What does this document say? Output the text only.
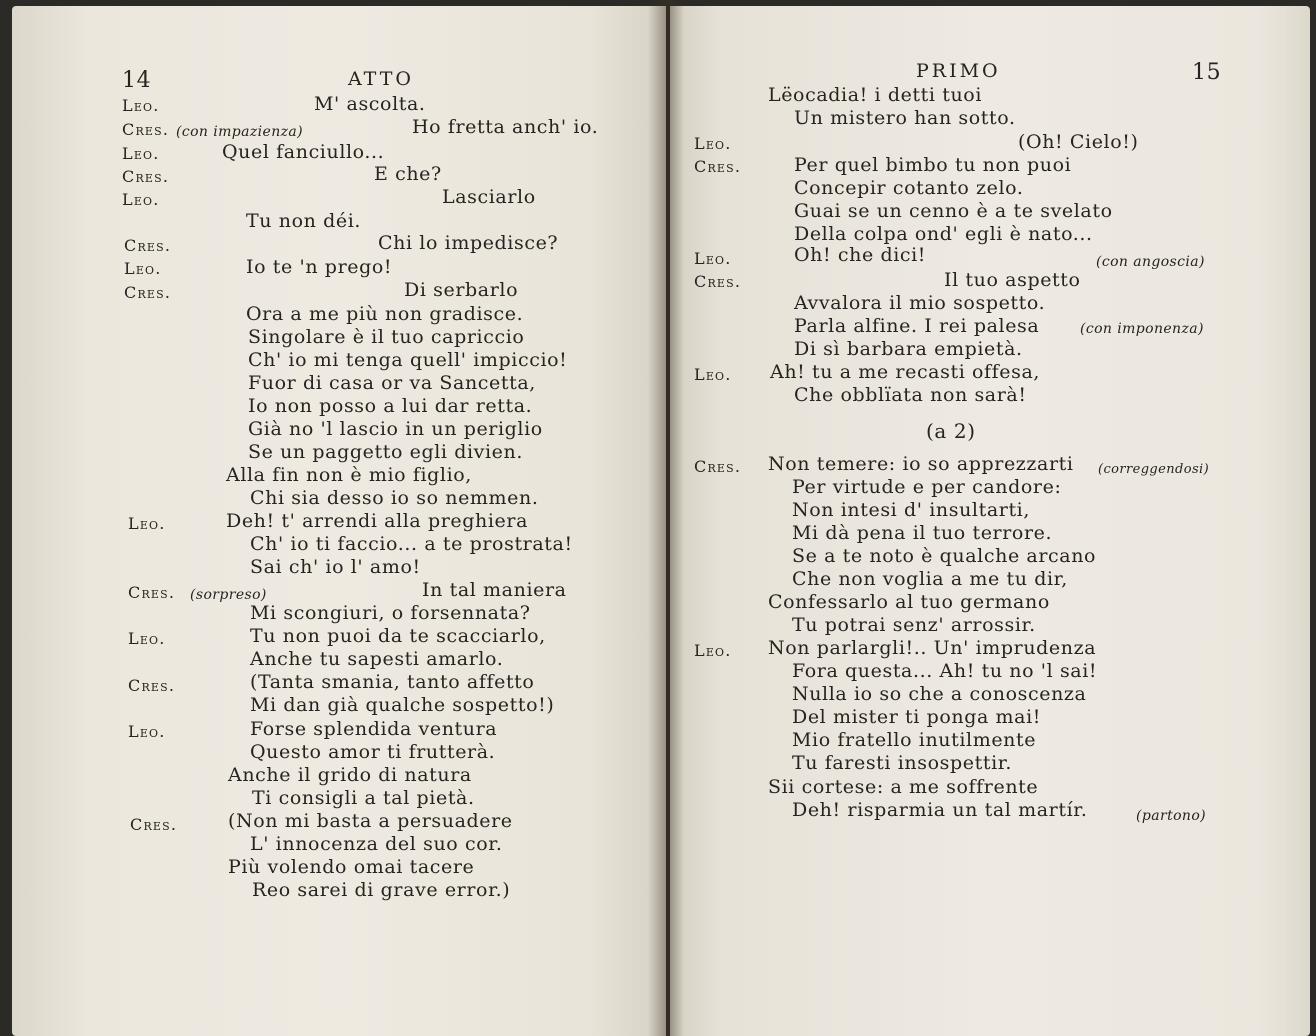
14	ATTO
Leo.	M' ascolta.
Cres. (con impazienza)	Ho fretta anch' io.
Leo.	Quel fanciullo...
Cres.	E che?
Leo.	Lasciarlo
Tu non déi.
Cres.	Chi lo impedisce?
Leo.	Io te 'n prego!
Cres.	Di serbarlo
Ora a me più non gradisce.
Singolare è il tuo capriccio
Ch' io mi tenga quell' impiccio!
Fuor di casa or va Sancetta,
Io non posso a lui dar retta.
Già no 'l lascio in un periglio
Se un paggetto egli divien.
Alla fin non è mio figlio,
Chi sia desso io so nemmen.
Leo.	Deh! t' arrendi alla preghiera
Ch' io ti faccio... a te prostrata!
Sai ch' io l' amo!
Cres. (sorpreso)	In tal maniera
Mi scongiuri, o forsennata?
Leo.	Tu non puoi da te scacciarlo,
Anche tu sapesti amarlo.
Cres.	(Tanta smania, tanto affetto
Mi dan già qualche sospetto!)
Leo.	Forse splendida ventura
Questo amor ti frutterà.
Anche il grido di natura
Ti consigli a tal pietà.
Cres.	(Non mi basta a persuadere
L' innocenza del suo cor.
Più volendo omai tacere
Reo sarei di grave error.)
PRIMO	15
Lëocadia! i detti tuoi
Un mistero han sotto.
Leo.	(Oh! Cielo!)
Cres.	Per quel bimbo tu non puoi
Concepir cotanto zelo.
Guai se un cenno è a te svelato
Della colpa ond' egli è nato...
Leo.	Oh! che dici!	(con angoscia)
Cres.	Il tuo aspetto
Avvalora il mio sospetto.
Parla alfine. I rei palesa	(con imponenza)
Di sì barbara empietà.
Leo. Ah! tu a me recasti offesa,
Che obblïata non sarà!
(a 2)
Cres. Non temere: io so apprezzarti (correggendosi)
Per virtude e per candore:
Non intesi d' insultarti,
Mi dà pena il tuo terrore.
Se a te noto è qualche arcano
Che non voglia a me tu dir,
Confessarlo al tuo germano
Tu potrai senz' arrossir.
Leo. Non parlargli!.. Un' imprudenza
Fora questa... Ah! tu no 'l sai!
Nulla io so che a conoscenza
Del mister ti ponga mai!
Mio fratello inutilmente
Tu faresti insospettir.
Sii cortese: a me soffrente
Deh! risparmia un tal martír.	(partono)
